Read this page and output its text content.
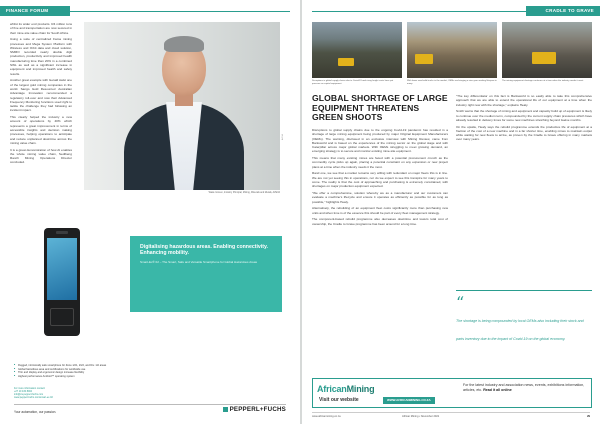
FINANCE FORUM

whilst its wider end products. R4 million tons of fine and transportation are now secured in their mine-site value chain for South Africa.

Using a suite of centralized Fama mining processes and Mega System Platform with Wireless and Orbit data and cloud solution, SMMO recorded nearly double digit production, productivity and improved health manufacturing time than 20% in a combined SWL as well as a significant increase in equipment and improved health and safety results.

Another great example with Gerald Aalst one of the largest gold mining companies in the world. Sango Gold Resources' Australian Advantage Innovation recommended a regulatory roll-over and now their Advanced Frequency Monitoring functions used right to tackle the challenge they had following an incident impact.

This clearly helped the industry a new amount of operations by 40% which represents a great improvement in terms of accessible insights and decision making processes, helping operations to anticipate and reduce unplanned downtime across the mining value chain.

It is a great demonstration of how AI enables the whole mining value chain, Sedibeng Ranch Mining Operations Director concluded.

Wade Groven, Industry Principal, Mining, Minerals and Metals, AVEVA
AVEVA
Digitalising hazardous areas. Enabling connectivity. Enhancing mobility.
Smart-Ex® 02 – The Smart, Safe and Versatile Smartphone for Global Hazardous Areas
■ Rugged, intrinsically safe smartphone for Zone 1/21, 2/22, and Div. 1/2 areas
■ Global hazardous area and certifications for worldwide use
■ Thin and display and ergonomic design increase flexibility
■ Highest performance Android™ operating system
For more information contact:
+27 10 430 8004
info@za.pepperl-fuchs.com
www.pepperl-fuchs.com/smart-ex-02
Your automation, our passion.	PEPPERL+FUCHS
CRADLE TO GRAVE
Disruptions in global supply chains due to Covid-19 and rising freight costs have put pressure on capital equipment.
With fewer new build trucks in the market, OEMs are bringing a nine-year working lifespan to many.
The mining equipment shortage continues at a time when the industry needs it most.
GLOBAL SHORTAGE OF LARGE EQUIPMENT THREATENS GREEN SHOOTS

Disruptions to global supply chains due to the ongoing Covid-19 pandemic has resulted in a shortage of large mining equipment being produced by major Original Equipment Manufacturers (OEMs). The warning, disclosed in an exclusive interview with Mining Review, came from Barloworld and is based on the experiences of the mining sector on the global stage and with Caterpillar across major global markets. With OEMs struggling to meet growing demand, an emerging strategy is to secure and monitor existing mine-site equipment.

This means that many existing mines are faced with a potential procurement crunch as the commodity cycle picks up again, placing a potential constraint on any expansion or new project plans at a time when the industry needs it the most.

Rand one, we see that a market remains very willing with redundant on major fleets this is in line. We are not yet seeing this in operations, nor do we expect to see this transpire for many years to come. The reality is that the cost of approaching and purchasing is extremely constrained, with shortages on major production equipment expected.

"We offer a comprehensive, solution whereby we as a manufacturer and our customers can evaluate a machine's lifecycle and ensure it operates as efficiently as possible for as long as possible," highlights Healy.

Alternatively, the rebuilding of an equipment fleet costs significantly more than purchasing new units and when time is of the essence this should be part of every fleet management strategy.

The component-based rebuild programme also decreases downtime and lowers total cost of ownership, the Cradle to Grave programme has been around for a long time.

"The key differentiator on this fact is Barloworld is so easily able to take this comprehensive approach that we are able to extend the operational life of our equipment at a time when the industry right now with the shortage," explains Healy.

Smith warns that the shortage of mining and equipment and capacity build up of equipment is likely to continue over the medium term, compounded by the current supply chain pressures which have already resulted in delivery times for some new machines stretching beyond twelve months.

On the upside, Healy says the rebuild programme extends the productive life of equipment at a fraction of the cost of a new machine and in a far shorter time, enabling mines to maintain output while waiting for new fleets to arrive, as proven by the Cradle to Grave offering in many markets over many years.

“
The shortage is being compounded by local OEMs also including their stock and parts inventory due to the impact of Covid-19 on the global economy.
AfricanMining
Visit our website	WWW.AFRICANMINING.CO.ZA
For the latest industry and association news, events, exhibitions information, articles, etc. Read it all online
www.africanmining.co.za	African Mining • November 2021	29
